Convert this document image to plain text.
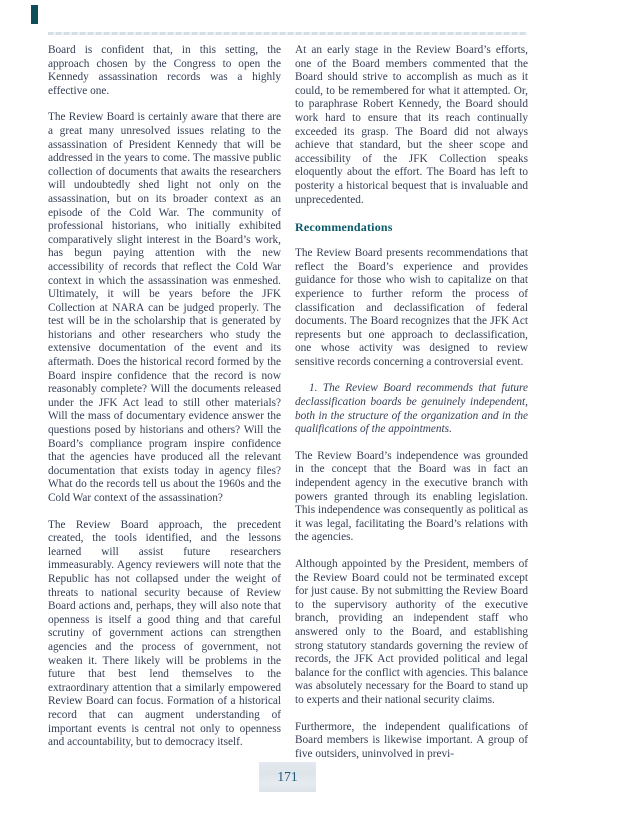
Board is confident that, in this setting, the approach chosen by the Congress to open the Kennedy assassination records was a highly effective one.

The Review Board is certainly aware that there are a great many unresolved issues relating to the assassination of President Kennedy that will be addressed in the years to come. The massive public collection of documents that awaits the researchers will undoubtedly shed light not only on the assassination, but on its broader context as an episode of the Cold War. The community of professional historians, who initially exhibited comparatively slight interest in the Board’s work, has begun paying attention with the new accessibility of records that reflect the Cold War context in which the assassination was enmeshed. Ultimately, it will be years before the JFK Collection at NARA can be judged properly. The test will be in the scholarship that is generated by historians and other researchers who study the extensive documentation of the event and its aftermath. Does the historical record formed by the Board inspire confidence that the record is now reasonably complete? Will the documents released under the JFK Act lead to still other materials? Will the mass of documentary evidence answer the questions posed by historians and others? Will the Board’s compliance program inspire confidence that the agencies have produced all the relevant documentation that exists today in agency files? What do the records tell us about the 1960s and the Cold War context of the assassination?

The Review Board approach, the precedent created, the tools identified, and the lessons learned will assist future researchers immeasurably. Agency reviewers will note that the Republic has not collapsed under the weight of threats to national security because of Review Board actions and, perhaps, they will also note that openness is itself a good thing and that careful scrutiny of government actions can strengthen agencies and the process of government, not weaken it. There likely will be problems in the future that best lend themselves to the extraordinary attention that a similarly empowered Review Board can focus. Formation of a historical record that can augment understanding of important events is central not only to openness and accountability, but to democracy itself.

At an early stage in the Review Board’s efforts, one of the Board members commented that the Board should strive to accomplish as much as it could, to be remembered for what it attempted. Or, to paraphrase Robert Kennedy, the Board should work hard to ensure that its reach continually exceeded its grasp. The Board did not always achieve that standard, but the sheer scope and accessibility of the JFK Collection speaks eloquently about the effort. The Board has left to posterity a historical bequest that is invaluable and unprecedented.

Recommendations

The Review Board presents recommendations that reflect the Board’s experience and provides guidance for those who wish to capitalize on that experience to further reform the process of classification and declassification of federal documents. The Board recognizes that the JFK Act represents but one approach to declassification, one whose activity was designed to review sensitive records concerning a controversial event.

1. The Review Board recommends that future declassification boards be genuinely independent, both in the structure of the organization and in the qualifications of the appointments.

The Review Board’s independence was grounded in the concept that the Board was in fact an independent agency in the executive branch with powers granted through its enabling legislation. This independence was consequently as political as it was legal, facilitating the Board’s relations with the agencies.

Although appointed by the President, members of the Review Board could not be terminated except for just cause. By not submitting the Review Board to the supervisory authority of the executive branch, providing an independent staff who answered only to the Board, and establishing strong statutory standards governing the review of records, the JFK Act provided political and legal balance for the conflict with agencies. This balance was absolutely necessary for the Board to stand up to experts and their national security claims.

Furthermore, the independent qualifications of Board members is likewise important. A group of five outsiders, uninvolved in previ-

171
